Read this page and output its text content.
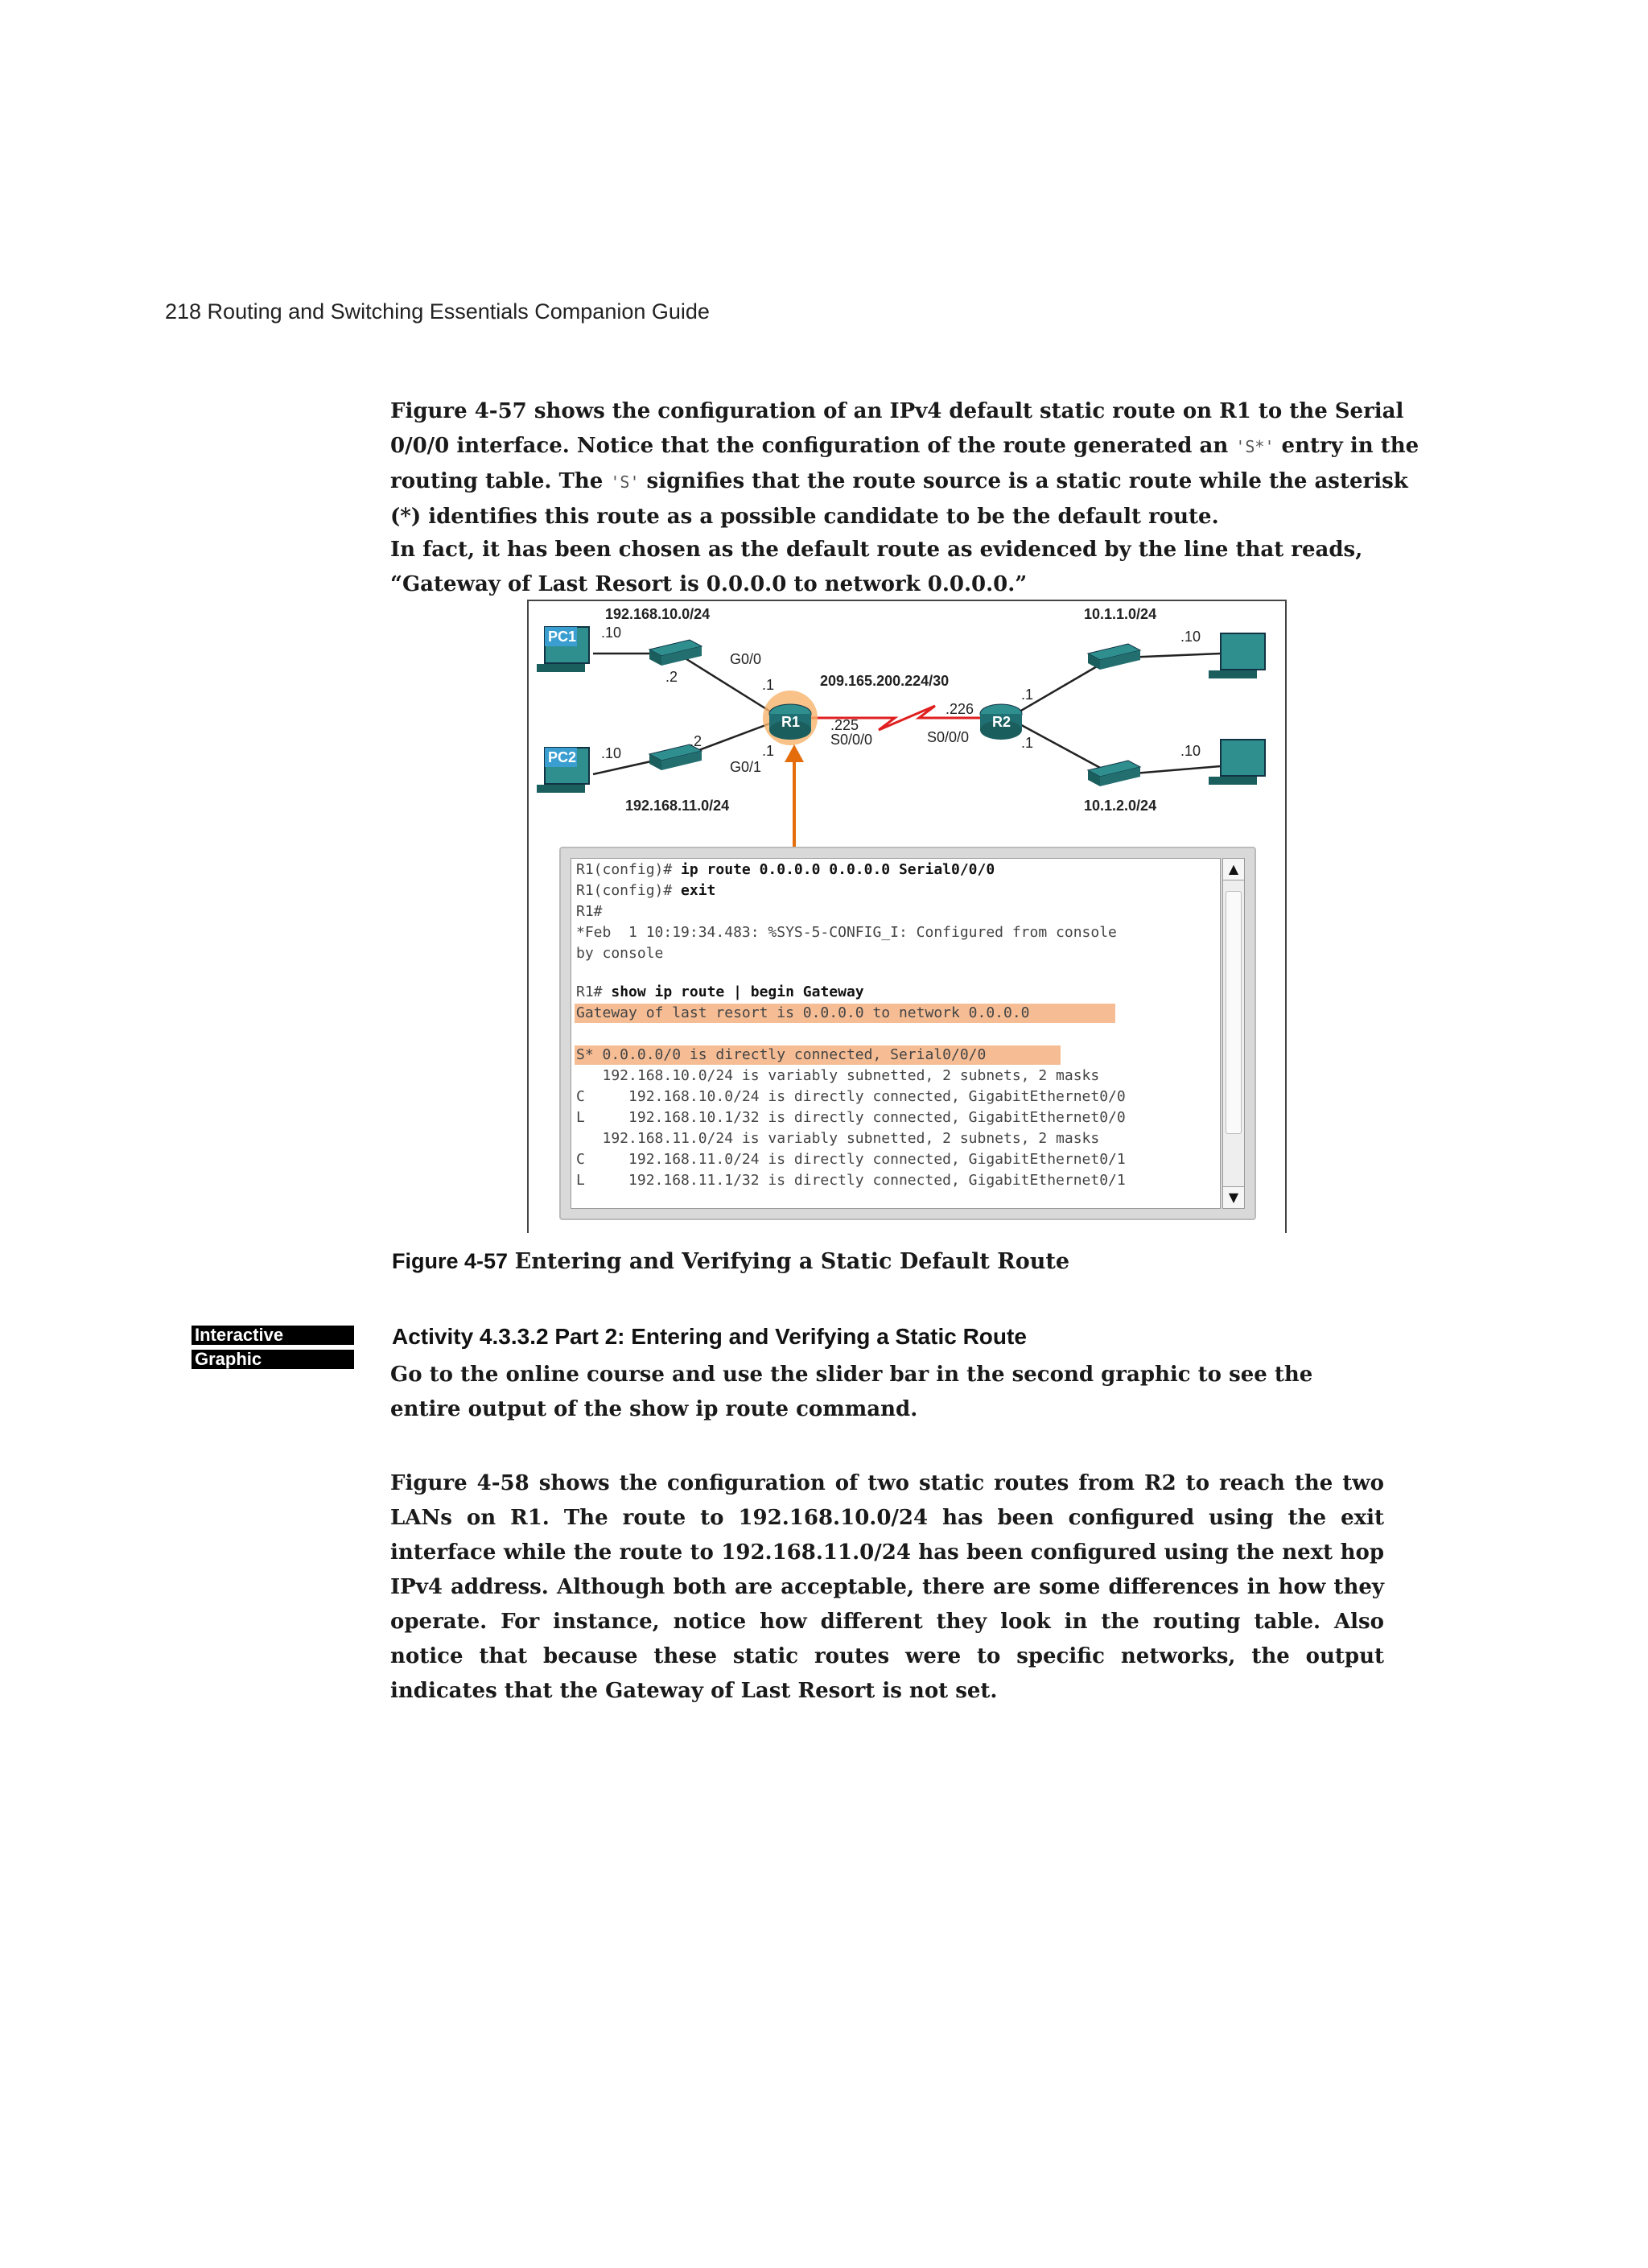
218 Routing and Switching Essentials Companion Guide
Figure 4-57 shows the configuration of an IPv4 default static route on R1 to the Serial 0/0/0 interface. Notice that the configuration of the route generated an 'S*' entry in the routing table. The 'S' signifies that the route source is a static route while the asterisk (*) identifies this route as a possible candidate to be the default route.
In fact, it has been chosen as the default route as evidenced by the line that reads, “Gateway of Last Resort is 0.0.0.0 to network 0.0.0.0.”
PC1
PC2
192.168.10.0/24
192.168.11.0/24
10.1.1.0/24
10.1.2.0/24
209.165.200.224/30
G0/0
G0/1
S0/0/0	S0/0/0
.10
.10
.2
.2
.1
.1
.225
.226
.1
.1
.10
.10
R1	R2
R1(config)# ip route 0.0.0.0 0.0.0.0 Serial0/0/0
R1(config)# exit
R1#
*Feb  1 10:19:34.483: %SYS-5-CONFIG_I: Configured from console
by console
R1# show ip route | begin Gateway
Gateway of last resort is 0.0.0.0 to network 0.0.0.0
S* 0.0.0.0/0 is directly connected, Serial0/0/0
192.168.10.0/24 is variably subnetted, 2 subnets, 2 masks
C     192.168.10.0/24 is directly connected, GigabitEthernet0/0
L     192.168.10.1/32 is directly connected, GigabitEthernet0/0
192.168.11.0/24 is variably subnetted, 2 subnets, 2 masks
C     192.168.11.0/24 is directly connected, GigabitEthernet0/1
L     192.168.11.1/32 is directly connected, GigabitEthernet0/1
▲
▼
Figure 4-57 Entering and Verifying a Static Default Route
Interactive
Graphic
Activity 4.3.3.2 Part 2: Entering and Verifying a Static Route
Go to the online course and use the slider bar in the second graphic to see the entire output of the show ip route command.
Figure 4-58 shows the configuration of two static routes from R2 to reach the two LANs on R1. The route to 192.168.10.0/24 has been configured using the exit interface while the route to 192.168.11.0/24 has been configured using the next hop IPv4 address. Although both are acceptable, there are some differences in how they operate. For instance, notice how different they look in the routing table. Also notice that because these static routes were to specific networks, the output indicates that the Gateway of Last Resort is not set.
